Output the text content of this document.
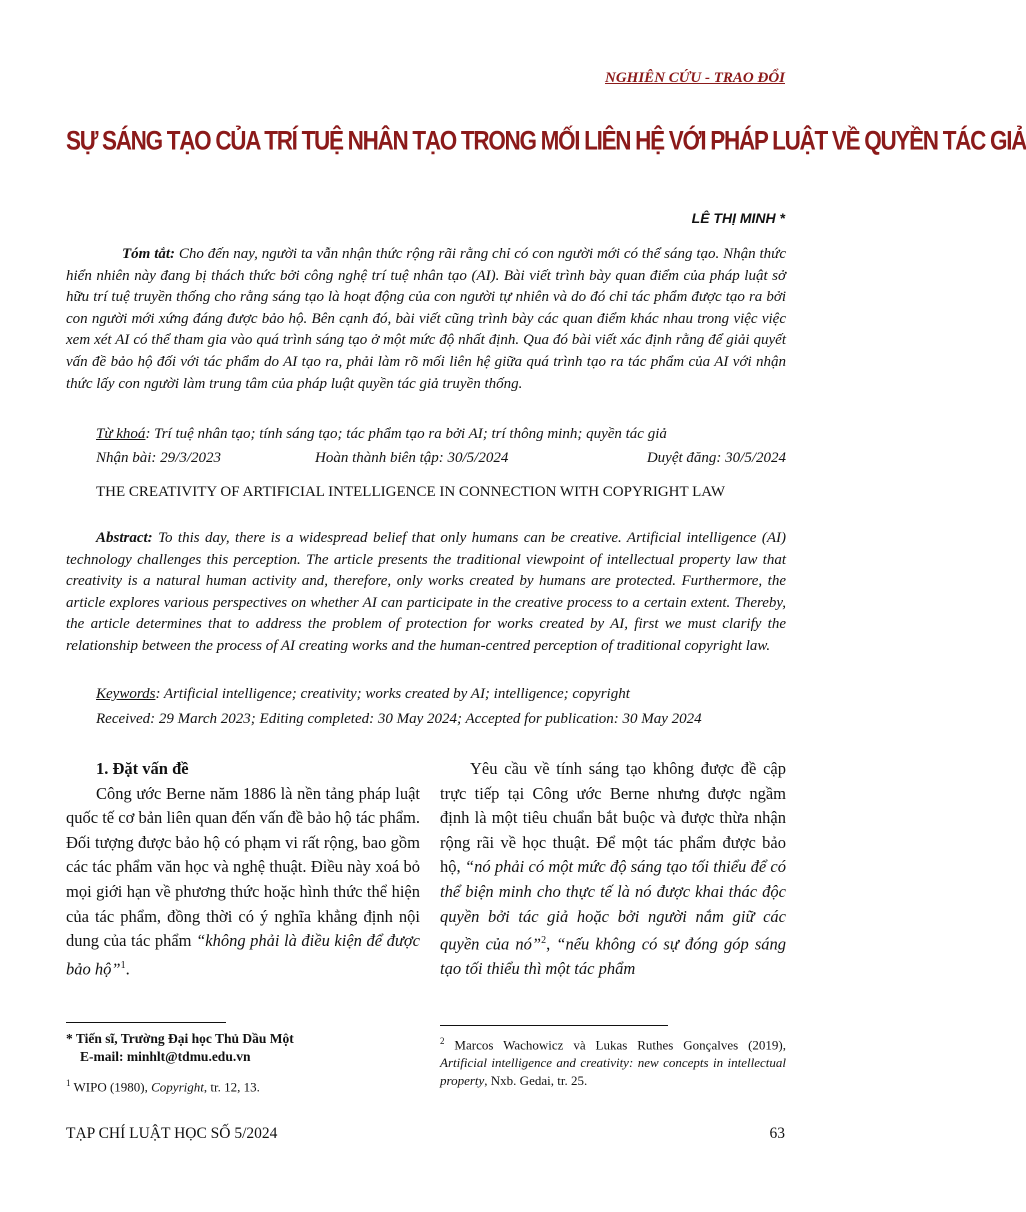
NGHIÊN CỨU - TRAO ĐỔI
SỰ SÁNG TẠO CỦA TRÍ TUỆ NHÂN TẠO TRONG MỐI LIÊN HỆ VỚI PHÁP LUẬT VỀ QUYỀN TÁC GIẢ
LÊ THỊ MINH *

Tóm tắt: Cho đến nay, người ta vẫn nhận thức rộng rãi rằng chỉ có con người mới có thể sáng tạo. Nhận thức hiển nhiên này đang bị thách thức bởi công nghệ trí tuệ nhân tạo (AI). Bài viết trình bày quan điểm của pháp luật sở hữu trí tuệ truyền thống cho rằng sáng tạo là hoạt động của con người tự nhiên và do đó chỉ tác phẩm được tạo ra bởi con người mới xứng đáng được bảo hộ. Bên cạnh đó, bài viết cũng trình bày các quan điểm khác nhau trong việc việc xem xét AI có thể tham gia vào quá trình sáng tạo ở một mức độ nhất định. Qua đó bài viết xác định rằng để giải quyết vấn đề bảo hộ đối với tác phẩm do AI tạo ra, phải làm rõ mối liên hệ giữa quá trình tạo ra tác phẩm của AI với nhận thức lấy con người làm trung tâm của pháp luật quyền tác giả truyền thống.

Từ khoá: Trí tuệ nhân tạo; tính sáng tạo; tác phẩm tạo ra bởi AI; trí thông minh; quyền tác giả

Nhận bài: 29/3/2023	Hoàn thành biên tập: 30/5/2024	Duyệt đăng: 30/5/2024
THE CREATIVITY OF ARTIFICIAL INTELLIGENCE IN CONNECTION WITH COPYRIGHT LAW

Abstract: To this day, there is a widespread belief that only humans can be creative. Artificial intelligence (AI) technology challenges this perception. The article presents the traditional viewpoint of intellectual property law that creativity is a natural human activity and, therefore, only works created by humans are protected. Furthermore, the article explores various perspectives on whether AI can participate in the creative process to a certain extent. Thereby, the article determines that to address the problem of protection for works created by AI, first we must clarify the relationship between the process of AI creating works and the human-centred perception of traditional copyright law.

Keywords: Artificial intelligence; creativity; works created by AI; intelligence; copyright

Received: 29 March 2023; Editing completed: 30 May 2024; Accepted for publication: 30 May 2024

1. Đặt vấn đề

Công ước Berne năm 1886 là nền tảng pháp luật quốc tế cơ bản liên quan đến vấn đề bảo hộ tác phẩm. Đối tượng được bảo hộ có phạm vi rất rộng, bao gồm các tác phẩm văn học và nghệ thuật. Điều này xoá bỏ mọi giới hạn về phương thức hoặc hình thức thể hiện của tác phẩm, đồng thời có ý nghĩa khẳng định nội dung của tác phẩm “không phải là điều kiện để được bảo hộ”$^1$.

Yêu cầu về tính sáng tạo không được đề cập trực tiếp tại Công ước Berne nhưng được ngầm định là một tiêu chuẩn bắt buộc và được thừa nhận rộng rãi về học thuật. Để một tác phẩm được bảo hộ, “nó phải có một mức độ sáng tạo tối thiểu để có thể biện minh cho thực tế là nó được khai thác độc quyền bởi tác giả hoặc bởi người nắm giữ các quyền của nó”$^2$, “nếu không có sự đóng góp sáng tạo tối thiểu thì một tác phẩm

* Tiến sĩ, Trường Đại học Thủ Dầu Một

E-mail: minhlt@tdmu.edu.vn

$^1$ WIPO (1980), Copyright, tr. 12, 13.

$^2$ Marcos Wachowicz và Lukas Ruthes Gonçalves (2019), Artificial intelligence and creativity: new concepts in intellectual property, Nxb. Gedai, tr. 25.

TẠP CHÍ LUẬT HỌC SỐ 5/2024	63
